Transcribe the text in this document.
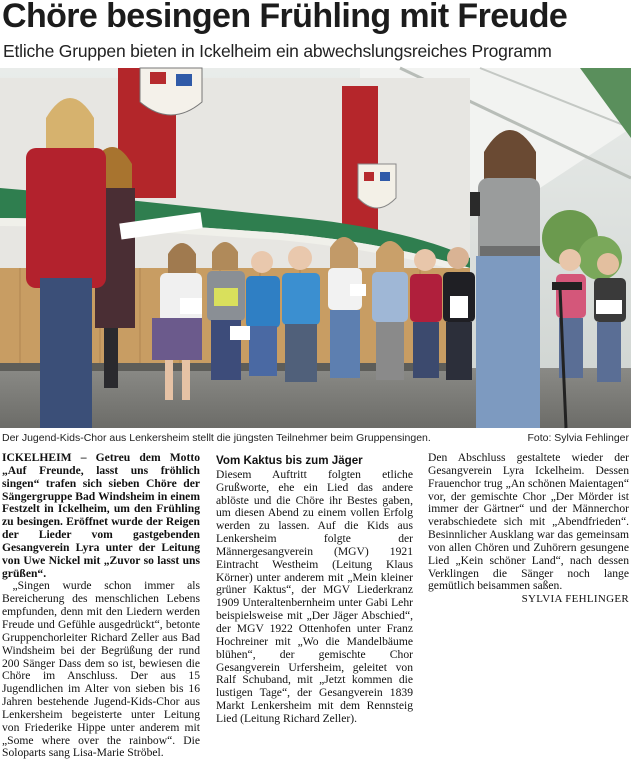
Chöre besingen Frühling mit Freude
Etliche Gruppen bieten in Ickelheim ein abwechslungsreiches Programm
Der Jugend-Kids-Chor aus Lenkersheim stellt die jüngsten Teilnehmer beim Gruppensingen.	Foto: Sylvia Fehlinger

ICKELHEIM – Getreu dem Motto „Auf Freunde, lasst uns fröhlich singen“ trafen sich sieben Chöre der Sängergruppe Bad Windsheim in einem Festzelt in Ickelheim, um den Frühling zu besingen. Eröffnet wurde der Reigen der Lieder vom gastgebenden Gesangverein Lyra unter der Leitung von Uwe Nickel mit „Zuvor so lasst uns grüßen“.

„Singen wurde schon immer als Bereicherung des menschlichen Lebens empfunden, denn mit den Liedern werden Freude und Gefühle ausgedrückt“, betonte Gruppenchorleiter Richard Zeller aus Bad Windsheim bei der Begrüßung der rund 200 Sänger Dass dem so ist, bewiesen die Chöre im Anschluss. Der aus 15 Jugendlichen im Alter von sieben bis 16 Jahren bestehende Jugend-Kids-Chor aus Lenkersheim begeisterte unter Leitung von Friederike Hippe unter anderem mit „Some where over the rainbow“. Die Soloparts sang Lisa-Marie Ströbel.

Vom Kaktus bis zum Jäger

Diesem Auftritt folgten etliche Grußworte, ehe ein Lied das andere ablöste und die Chöre ihr Bestes gaben, um diesen Abend zu einem vollen Erfolg werden zu lassen. Auf die Kids aus Lenkersheim folgte der Männergesangverein (MGV) 1921 Eintracht Westheim (Leitung Klaus Körner) unter anderem mit „Mein kleiner grüner Kaktus“, der MGV Liederkranz 1909 Unteraltenbernheim unter Gabi Lehr beispielsweise mit „Der Jäger Abschied“, der MGV 1922 Ottenhofen unter Franz Hochreiner mit „Wo die Mandelbäume blühen“, der gemischte Chor Gesangverein Urfersheim, geleitet von Ralf Schuband, mit „Jetzt kommen die lustigen Tage“, der Gesangverein 1839 Markt Lenkersheim mit dem Rennsteig Lied (Leitung Richard Zeller).

Den Abschluss gestaltete wieder der Gesangverein Lyra Ickelheim. Dessen Frauenchor trug „An schönen Maientagen“ vor, der gemischte Chor „Der Mörder ist immer der Gärtner“ und der Männerchor verabschiedete sich mit „Abendfrieden“. Besinnlicher Ausklang war das gemeinsam von allen Chören und Zuhörern gesungene Lied „Kein schöner Land“, nach dessen Verklingen die Sänger noch lange gemütlich beisammen saßen.

SYLVIA FEHLINGER
